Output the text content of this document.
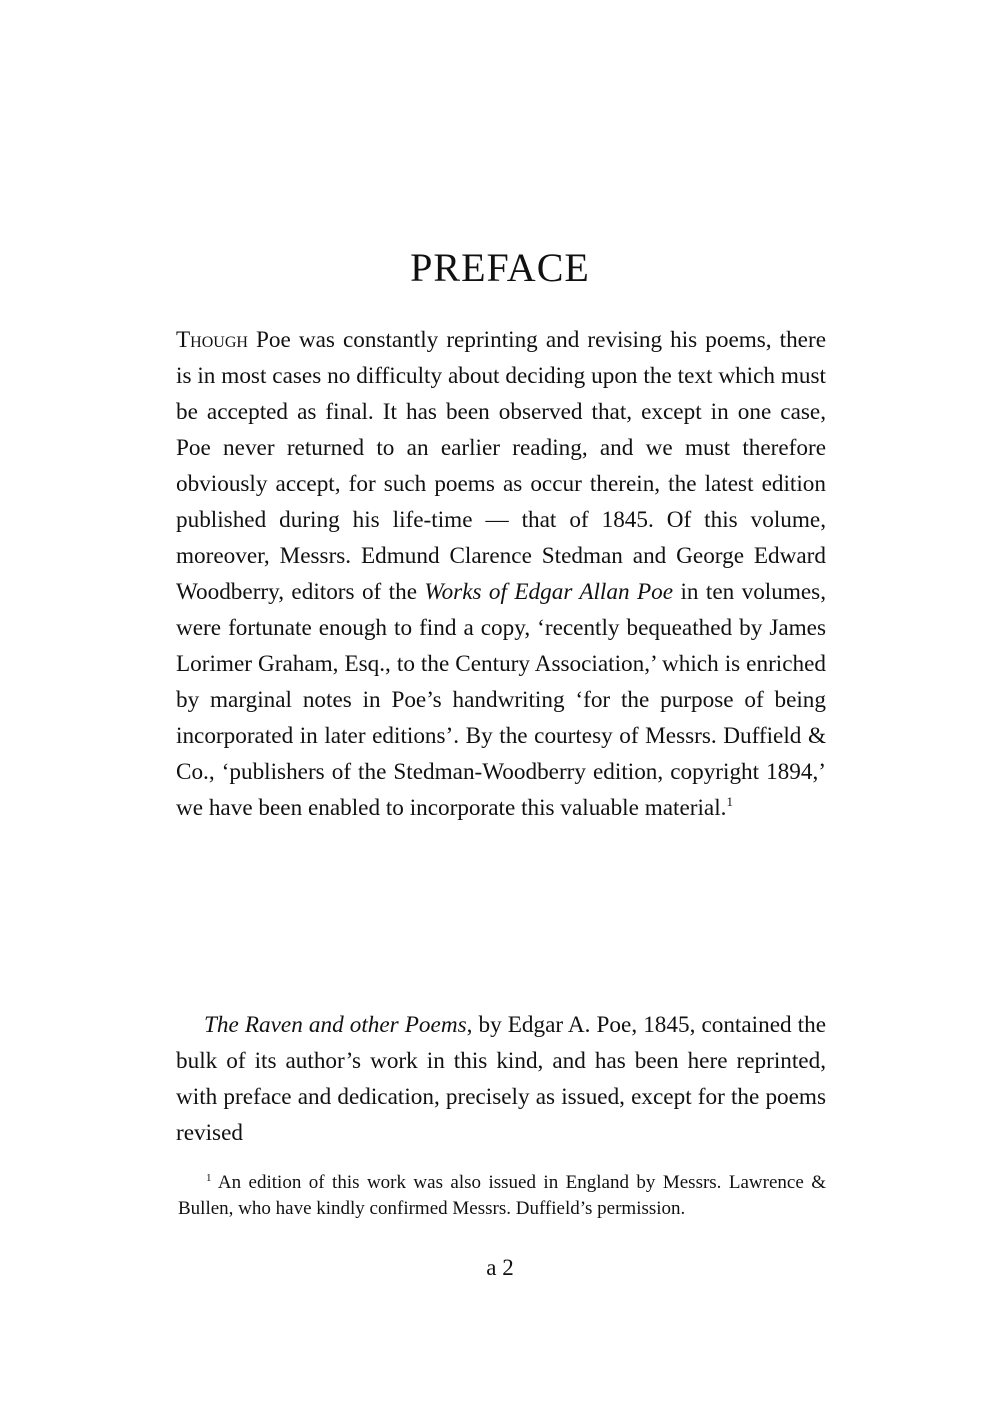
PREFACE

Though Poe was constantly reprinting and revising his poems, there is in most cases no difficulty about deciding upon the text which must be accepted as final. It has been observed that, except in one case, Poe never returned to an earlier reading, and we must therefore obviously accept, for such poems as occur therein, the latest edition published during his life-time — that of 1845. Of this volume, moreover, Messrs. Edmund Clarence Stedman and George Edward Woodberry, editors of the Works of Edgar Allan Poe in ten volumes, were fortunate enough to find a copy, ‘recently bequeathed by James Lorimer Graham, Esq., to the Century Association,’ which is enriched by marginal notes in Poe’s handwriting ‘for the purpose of being incorporated in later editions’. By the courtesy of Messrs. Duffield & Co., ‘publishers of the Stedman-Woodberry edition, copyright 1894,’ we have been enabled to incorporate this valuable material.$^1$

The Raven and other Poems, by Edgar A. Poe, 1845, contained the bulk of its author’s work in this kind, and has been here reprinted, with preface and dedication, precisely as issued, except for the poems revised

$^1$ An edition of this work was also issued in England by Messrs. Lawrence & Bullen, who have kindly confirmed Messrs. Duffield’s permission.

a 2
